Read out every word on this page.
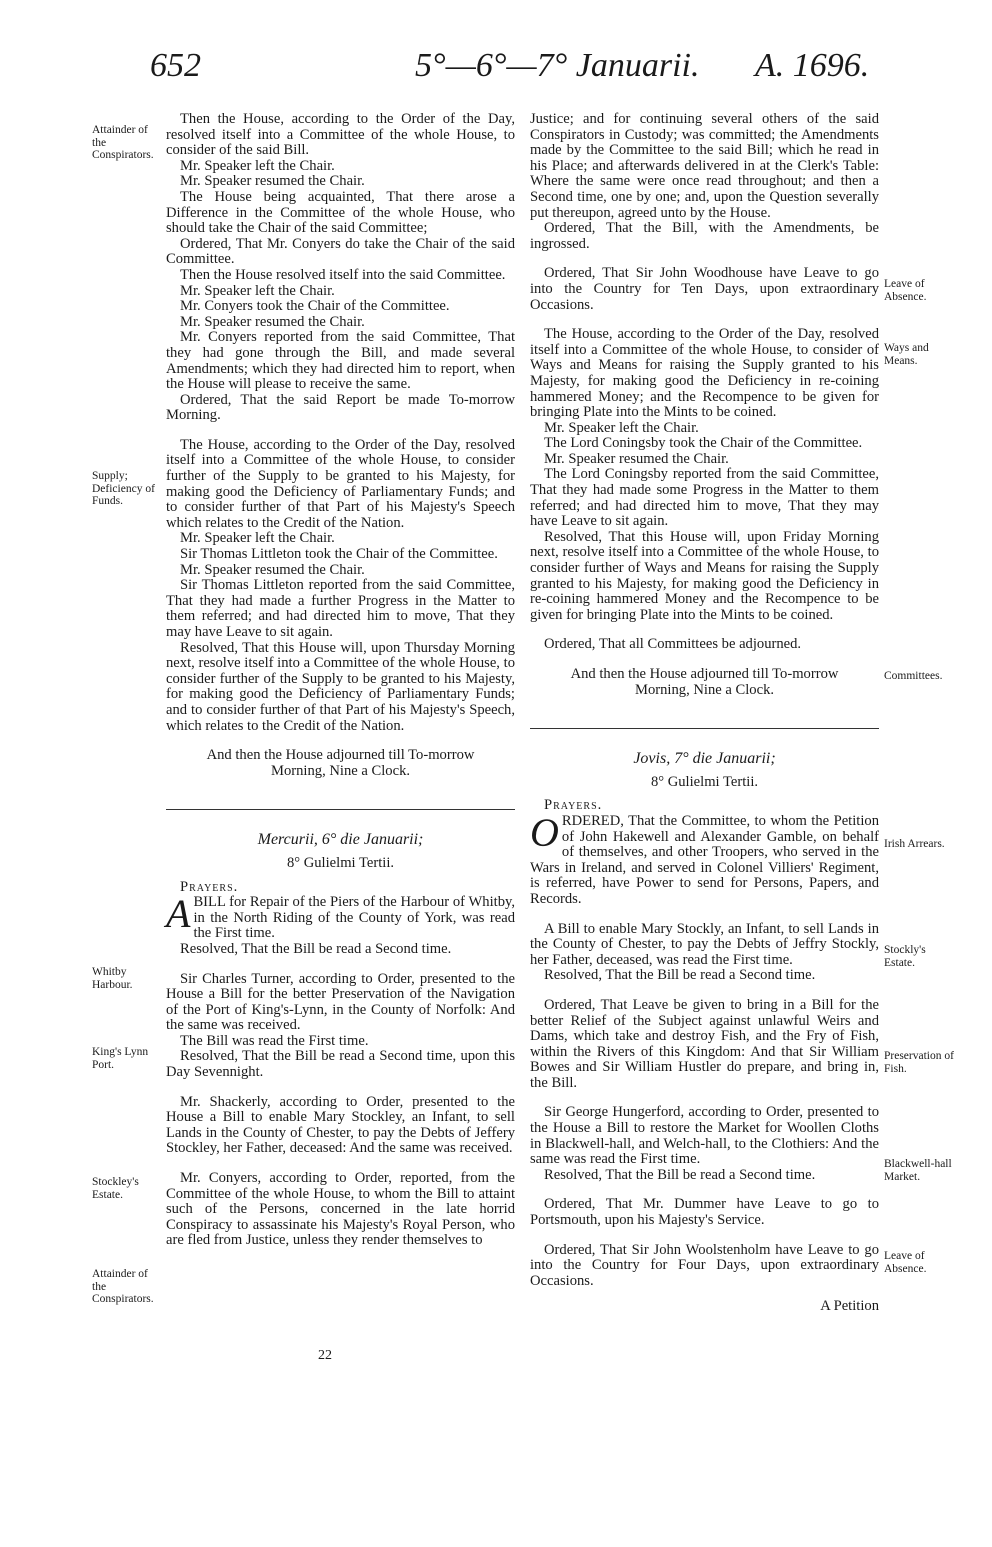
652	5°—6°—7° Januarii. A. 1696.
Attainder of the Conspirators.
Supply; Deficiency of Funds.
Whitby Harbour.
King's Lynn Port.
Stockley's Estate.
Attainder of the Conspirators.
Leave of Absence.
Ways and Means.
Committees.
Irish Arrears.
Stockly's Estate.
Preservation of Fish.
Blackwell-hall Market.
Leave of Absence.

Then the House, according to the Order of the Day, resolved itself into a Committee of the whole House, to consider of the said Bill.

Mr. Speaker left the Chair.

Mr. Speaker resumed the Chair.

The House being acquainted, That there arose a Difference in the Committee of the whole House, who should take the Chair of the said Committee;

Ordered, That Mr. Conyers do take the Chair of the said Committee.

Then the House resolved itself into the said Committee.

Mr. Speaker left the Chair.

Mr. Conyers took the Chair of the Committee.

Mr. Speaker resumed the Chair.

Mr. Conyers reported from the said Committee, That they had gone through the Bill, and made several Amendments; which they had directed him to report, when the House will please to receive the same.

Ordered, That the said Report be made To-morrow Morning.

The House, according to the Order of the Day, resolved itself into a Committee of the whole House, to consider further of the Supply to be granted to his Majesty, for making good the Deficiency of Parliamentary Funds; and to consider further of that Part of his Majesty's Speech which relates to the Credit of the Nation.

Mr. Speaker left the Chair.

Sir Thomas Littleton took the Chair of the Committee.

Mr. Speaker resumed the Chair.

Sir Thomas Littleton reported from the said Committee, That they had made a further Progress in the Matter to them referred; and had directed him to move, That they may have Leave to sit again.

Resolved, That this House will, upon Thursday Morning next, resolve itself into a Committee of the whole House, to consider further of the Supply to be granted to his Majesty, for making good the Deficiency of Parliamentary Funds; and to consider further of that Part of his Majesty's Speech, which relates to the Credit of the Nation.

And then the House adjourned till To-morrow Morning, Nine a Clock.

Mercurii, 6° die Januarii;

8° Gulielmi Tertii.

Prayers.

ABILL for Repair of the Piers of the Harbour of Whitby, in the North Riding of the County of York, was read the First time.

Resolved, That the Bill be read a Second time.

Sir Charles Turner, according to Order, presented to the House a Bill for the better Preservation of the Navigation of the Port of King's-Lynn, in the County of Norfolk: And the same was received.

The Bill was read the First time.

Resolved, That the Bill be read a Second time, upon this Day Sevennight.

Mr. Shackerly, according to Order, presented to the House a Bill to enable Mary Stockley, an Infant, to sell Lands in the County of Chester, to pay the Debts of Jeffery Stockley, her Father, deceased: And the same was received.

Mr. Conyers, according to Order, reported, from the Committee of the whole House, to whom the Bill to attaint such of the Persons, concerned in the late horrid Conspiracy to assassinate his Majesty's Royal Person, who are fled from Justice, unless they render themselves to

22

Justice; and for continuing several others of the said Conspirators in Custody; was committed; the Amendments made by the Committee to the said Bill; which he read in his Place; and afterwards delivered in at the Clerk's Table: Where the same were once read throughout; and then a Second time, one by one; and, upon the Question severally put thereupon, agreed unto by the House.

Ordered, That the Bill, with the Amendments, be ingrossed.

Ordered, That Sir John Woodhouse have Leave to go into the Country for Ten Days, upon extraordinary Occasions.

The House, according to the Order of the Day, resolved itself into a Committee of the whole House, to consider of Ways and Means for raising the Supply granted to his Majesty, for making good the Deficiency in re-coining hammered Money; and the Recompence to be given for bringing Plate into the Mints to be coined.

Mr. Speaker left the Chair.

The Lord Coningsby took the Chair of the Committee.

Mr. Speaker resumed the Chair.

The Lord Coningsby reported from the said Committee, That they had made some Progress in the Matter to them referred; and had directed him to move, That they may have Leave to sit again.

Resolved, That this House will, upon Friday Morning next, resolve itself into a Committee of the whole House, to consider further of Ways and Means for raising the Supply granted to his Majesty, for making good the Deficiency in re-coining hammered Money and the Recompence to be given for bringing Plate into the Mints to be coined.

Ordered, That all Committees be adjourned.

And then the House adjourned till To-morrow Morning, Nine a Clock.

Jovis, 7° die Januarii;

8° Gulielmi Tertii.

Prayers.

ORDERED, That the Committee, to whom the Petition of John Hakewell and Alexander Gamble, on behalf of themselves, and other Troopers, who served in the Wars in Ireland, and served in Colonel Villiers' Regiment, is referred, have Power to send for Persons, Papers, and Records.

A Bill to enable Mary Stockly, an Infant, to sell Lands in the County of Chester, to pay the Debts of Jeffry Stockly, her Father, deceased, was read the First time.

Resolved, That the Bill be read a Second time.

Ordered, That Leave be given to bring in a Bill for the better Relief of the Subject against unlawful Weirs and Dams, which take and destroy Fish, and the Fry of Fish, within the Rivers of this Kingdom: And that Sir William Bowes and Sir William Hustler do prepare, and bring in, the Bill.

Sir George Hungerford, according to Order, presented to the House a Bill to restore the Market for Woollen Cloths in Blackwell-hall, and Welch-hall, to the Clothiers: And the same was read the First time.

Resolved, That the Bill be read a Second time.

Ordered, That Mr. Dummer have Leave to go to Portsmouth, upon his Majesty's Service.

Ordered, That Sir John Woolstenholm have Leave to go into the Country for Four Days, upon extraordinary Occasions.

A Petition
